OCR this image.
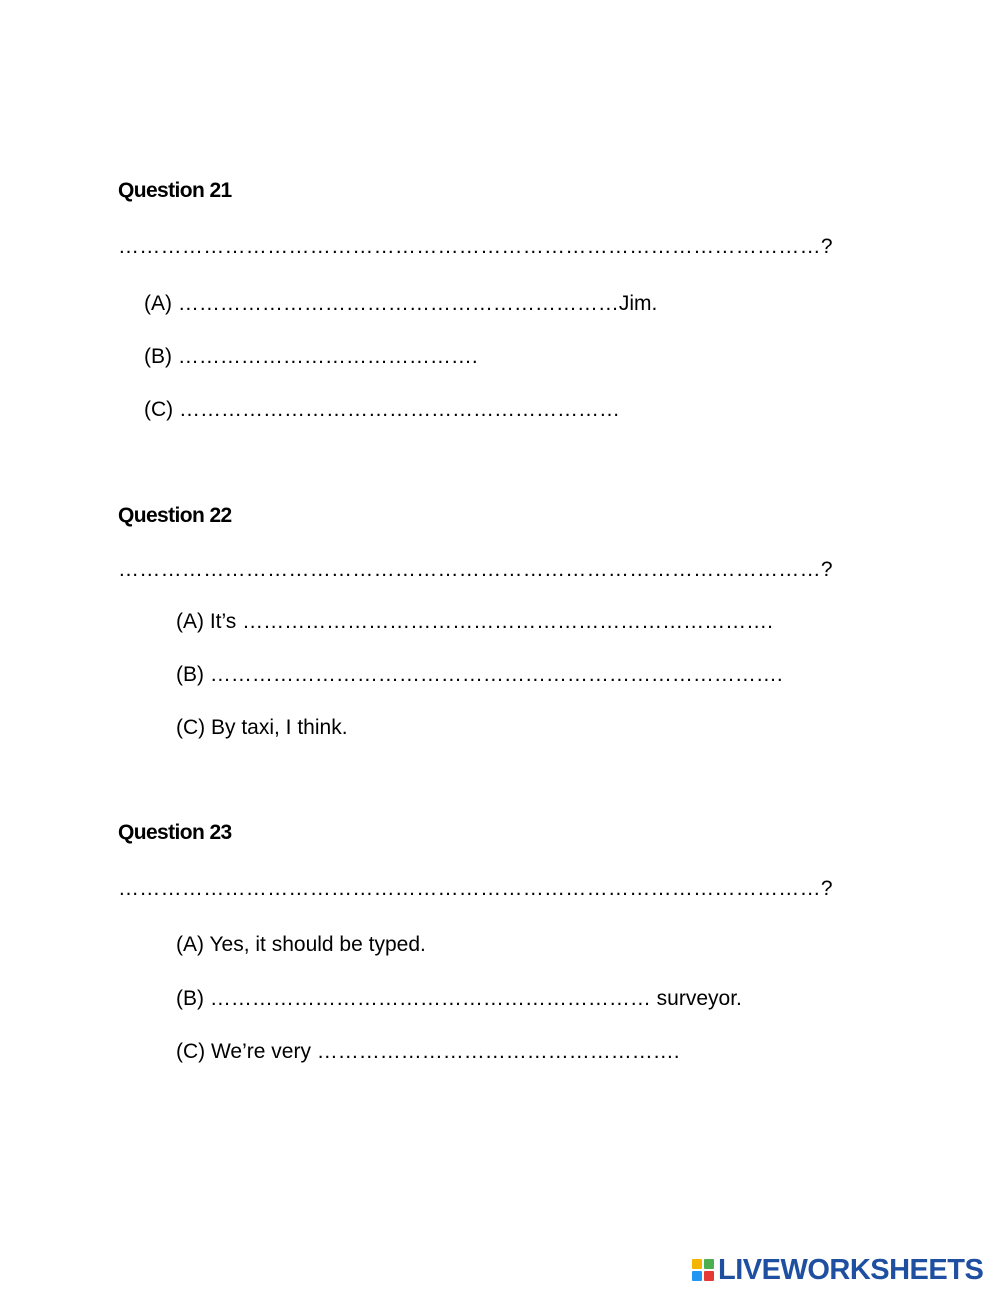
Question 21
………………………………………………………………………………………?
(A) ………………………………………………………Jim.
(B) …………………………………….
(C) ………………………………………………………
Question 22
………………………………………………………………………………………?
(A) It’s ………………………………………………………………….
(B) ……………………………………………………………………….
(C) By taxi, I think.
Question 23
………………………………………………………………………………………?
(A) Yes, it should be typed.
(B) ……………………………………………………… surveyor.
(C) We’re very …………………………………………….
LIVEWORKSHEETS
